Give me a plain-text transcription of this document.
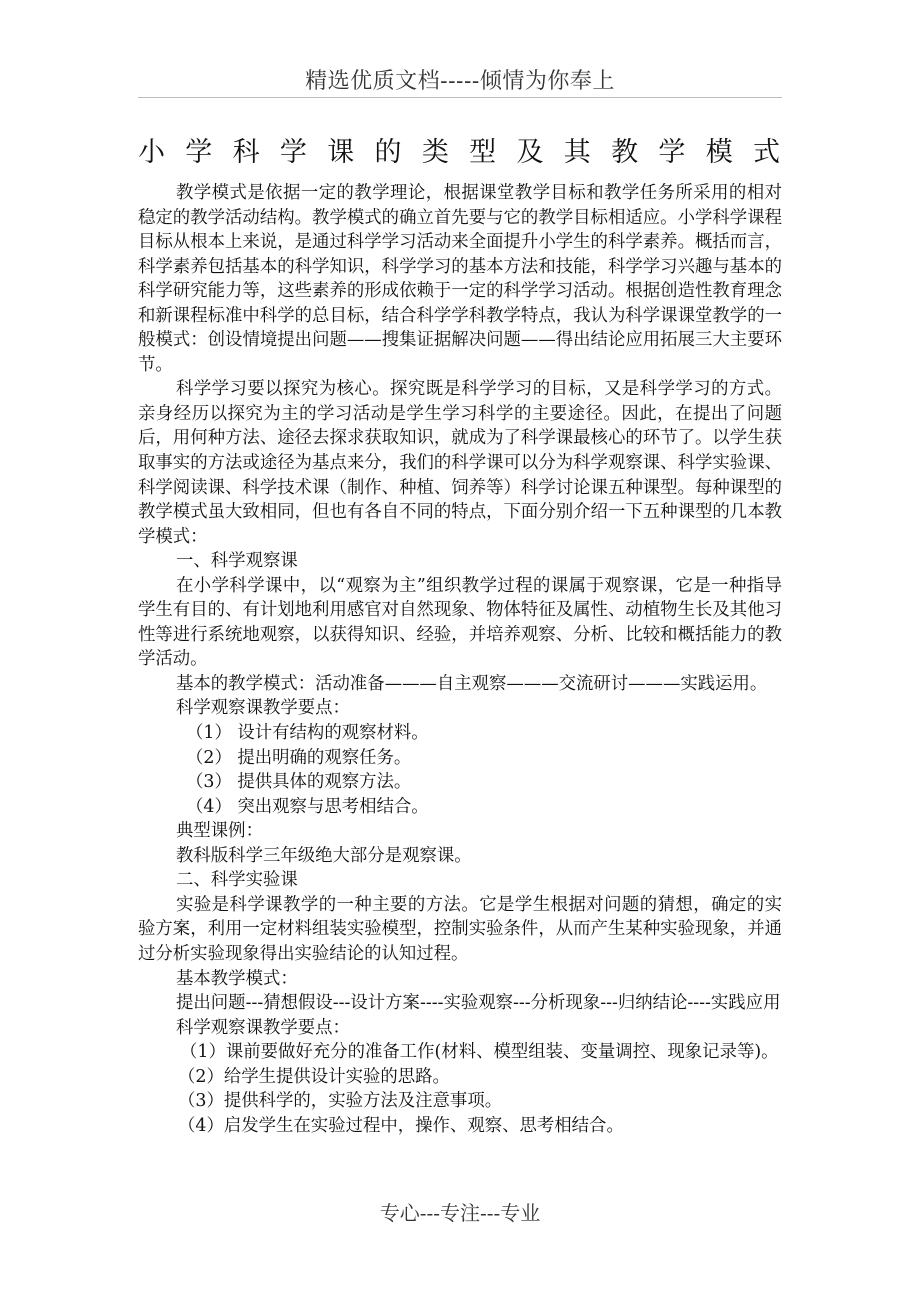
精选优质文档-----倾情为你奉上
小学科学课的类型及其教学模式

教学模式是依据一定的教学理论，根据课堂教学目标和教学任务所采用的相对稳定的教学活动结构。教学模式的确立首先要与它的教学目标相适应。小学科学课程目标从根本上来说，是通过科学学习活动来全面提升小学生的科学素养。概括而言，科学素养包括基本的科学知识，科学学习的基本方法和技能，科学学习兴趣与基本的科学研究能力等，这些素养的形成依赖于一定的科学学习活动。根据创造性教育理念和新课程标准中科学的总目标，结合科学学科教学特点，我认为科学课课堂教学的一般模式：创设情境提出问题——搜集证据解决问题——得出结论应用拓展三大主要环节。

科学学习要以探究为核心。探究既是科学学习的目标，又是科学学习的方式。亲身经历以探究为主的学习活动是学生学习科学的主要途径。因此，在提出了问题后，用何种方法、途径去探求获取知识，就成为了科学课最核心的环节了。以学生获取事实的方法或途径为基点来分，我们的科学课可以分为科学观察课、科学实验课、科学阅读课、科学技术课（制作、种植、饲养等）科学讨论课五种课型。每种课型的教学模式虽大致相同，但也有各自不同的特点，下面分别介绍一下五种课型的几本教学模式：

一、科学观察课

在小学科学课中，以“观察为主”组织教学过程的课属于观察课，它是一种指导学生有目的、有计划地利用感官对自然现象、物体特征及属性、动植物生长及其他习性等进行系统地观察，以获得知识、经验，并培养观察、分析、比较和概括能力的教学活动。

基本的教学模式：活动准备———自主观察———交流研讨———实践运用。

科学观察课教学要点：

（1） 设计有结构的观察材料。

（2） 提出明确的观察任务。

（3） 提供具体的观察方法。

（4） 突出观察与思考相结合。

典型课例：

教科版科学三年级绝大部分是观察课。

二、科学实验课

实验是科学课教学的一种主要的方法。它是学生根据对问题的猜想，确定的实验方案，利用一定材料组装实验模型，控制实验条件，从而产生某种实验现象，并通过分析实验现象得出实验结论的认知过程。

基本教学模式：

提出问题---猜想假设---设计方案----实验观察---分析现象---归纳结论----实践应用

科学观察课教学要点：

（1）课前要做好充分的准备工作(材料、模型组装、变量调控、现象记录等)。

（2）给学生提供设计实验的思路。

（3）提供科学的，实验方法及注意事项。

（4）启发学生在实验过程中，操作、观察、思考相结合。

专心---专注---专业
